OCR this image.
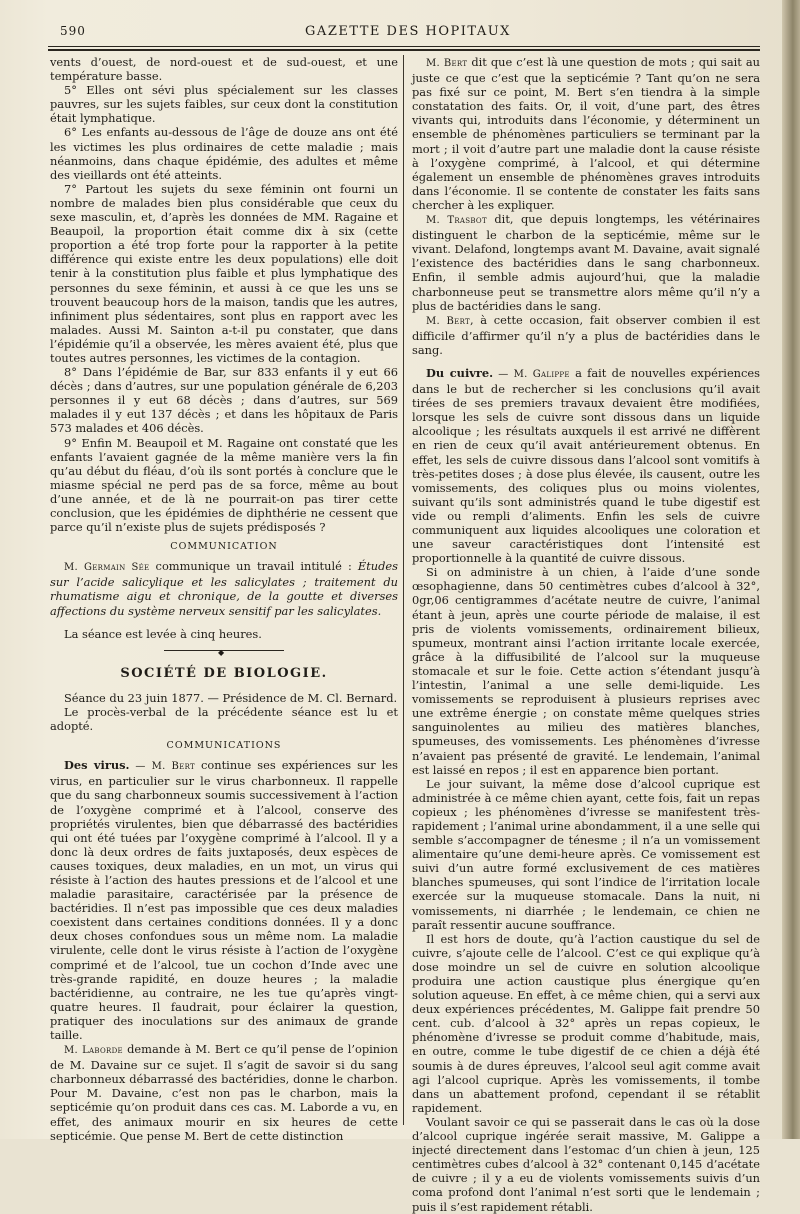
590	GAZETTE DES HOPITAUX

vents d’ouest, de nord-ouest et de sud-ouest, et une température basse.

5° Elles ont sévi plus spécialement sur les classes pauvres, sur les sujets faibles, sur ceux dont la constitution était lymphatique.

6° Les enfants au-dessous de l’âge de douze ans ont été les victimes les plus ordinaires de cette maladie ; mais néanmoins, dans chaque épidémie, des adultes et même des vieillards ont été atteints.

7° Partout les sujets du sexe féminin ont fourni un nombre de malades bien plus considérable que ceux du sexe masculin, et, d’après les données de MM. Ragaine et Beaupoil, la proportion était comme dix à six (cette proportion a été trop forte pour la rapporter à la petite différence qui existe entre les deux populations) elle doit tenir à la constitution plus faible et plus lymphatique des personnes du sexe féminin, et aussi à ce que les uns se trouvent beaucoup hors de la maison, tandis que les autres, infiniment plus sédentaires, sont plus en rapport avec les malades. Aussi M. Sainton a-t-il pu constater, que dans l’épidémie qu’il a observée, les mères avaient été, plus que toutes autres personnes, les victimes de la contagion.

8° Dans l’épidémie de Bar, sur 833 enfants il y eut 66 décès ; dans d’autres, sur une population générale de 6,203 personnes il y eut 68 décès ; dans d’autres, sur 569 malades il y eut 137 décès ; et dans les hôpitaux de Paris 573 malades et 406 décès.

9° Enfin M. Beaupoil et M. Ragaine ont constaté que les enfants l’avaient gagnée de la même manière vers la fin qu’au début du fléau, d’où ils sont portés à conclure que le miasme spécial ne perd pas de sa force, même au bout d’une année, et de là ne pourrait-on pas tirer cette conclusion, que les épidémies de diphthérie ne cessent que parce qu’il n’existe plus de sujets prédisposés ?

COMMUNICATION

M. Germain Sée communique un travail intitulé : Études sur l’acide salicylique et les salicylates ; traitement du rhumatisme aigu et chronique, de la goutte et diverses affections du système nerveux sensitif par les salicylates.

La séance est levée à cinq heures.

◆
SOCIÉTÉ DE BIOLOGIE.

Séance du 23 juin 1877. — Présidence de M. Cl. Bernard.

Le procès-verbal de la précédente séance est lu et adopté.

COMMUNICATIONS

Des virus. — M. Bert continue ses expériences sur les virus, en particulier sur le virus charbonneux. Il rappelle que du sang charbonneux soumis successivement à l’action de l’oxygène comprimé et à l’alcool, conserve des propriétés virulentes, bien que débarrassé des bactéridies qui ont été tuées par l’oxygène comprimé à l’alcool. Il y a donc là deux ordres de faits juxtaposés, deux espèces de causes toxiques, deux maladies, en un mot, un virus qui résiste à l’action des hautes pressions et de l’alcool et une maladie parasitaire, caractérisée par la présence de bactéridies. Il n’est pas impossible que ces deux maladies coexistent dans certaines conditions données. Il y a donc deux choses confondues sous un même nom. La maladie virulente, celle dont le virus résiste à l’action de l’oxygène comprimé et de l’alcool, tue un cochon d’Inde avec une très-grande rapidité, en douze heures ; la maladie bactéridienne, au contraire, ne les tue qu’après vingt-quatre heures. Il faudrait, pour éclairer la question, pratiquer des inoculations sur des animaux de grande taille.

M. Laborde demande à M. Bert ce qu’il pense de l’opinion de M. Davaine sur ce sujet. Il s’agit de savoir si du sang charbonneux débarrassé des bactéridies, donne le charbon. Pour M. Davaine, c’est non pas le charbon, mais la septicémie qu’on produit dans ces cas. M. Laborde a vu, en effet, des animaux mourir en six heures de cette septicémie. Que pense M. Bert de cette distinction

M. Bert dit que c’est là une question de mots ; qui sait au juste ce que c’est que la septicémie ? Tant qu’on ne sera pas fixé sur ce point, M. Bert s’en tiendra à la simple constatation des faits. Or, il voit, d’une part, des êtres vivants qui, introduits dans l’économie, y déterminent un ensemble de phénomènes particuliers se terminant par la mort ; il voit d’autre part une maladie dont la cause résiste à l’oxygène comprimé, à l’alcool, et qui détermine également un ensemble de phénomènes graves introduits dans l’économie. Il se contente de constater les faits sans chercher à les expliquer.

M. Trasbot dit, que depuis longtemps, les vétérinaires distinguent le charbon de la septicémie, même sur le vivant. Delafond, longtemps avant M. Davaine, avait signalé l’existence des bactéridies dans le sang charbonneux. Enfin, il semble admis aujourd’hui, que la maladie charbonneuse peut se transmettre alors même qu’il n’y a plus de bactéridies dans le sang.

M. Bert, à cette occasion, fait observer combien il est difficile d’affirmer qu’il n’y a plus de bactéridies dans le sang.

Du cuivre. — M. Galippe a fait de nouvelles expériences dans le but de rechercher si les conclusions qu’il avait tirées de ses premiers travaux devaient être modifiées, lorsque les sels de cuivre sont dissous dans un liquide alcoolique ; les résultats auxquels il est arrivé ne diffèrent en rien de ceux qu’il avait antérieurement obtenus. En effet, les sels de cuivre dissous dans l’alcool sont vomitifs à très-petites doses ; à dose plus élevée, ils causent, outre les vomissements, des coliques plus ou moins violentes, suivant qu’ils sont administrés quand le tube digestif est vide ou rempli d’aliments. Enfin les sels de cuivre communiquent aux liquides alcooliques une coloration et une saveur caractéristiques dont l’intensité est proportionnelle à la quantité de cuivre dissous.

Si on administre à un chien, à l’aide d’une sonde œsophagienne, dans 50 centimètres cubes d’alcool à 32°, 0gr,06 centigrammes d’acétate neutre de cuivre, l’animal étant à jeun, après une courte période de malaise, il est pris de violents vomissements, ordinairement bilieux, spumeux, montrant ainsi l’action irritante locale exercée, grâce à la diffusibilité de l’alcool sur la muqueuse stomacale et sur le foie. Cette action s’étendant jusqu’à l’intestin, l’animal a une selle demi-liquide. Les vomissements se reproduisent à plusieurs reprises avec une extrême énergie ; on constate même quelques stries sanguinolentes au milieu des matières blanches, spumeuses, des vomissements. Les phénomènes d’ivresse n’avaient pas présenté de gravité. Le lendemain, l’animal est laissé en repos ; il est en apparence bien portant.

Le jour suivant, la même dose d’alcool cuprique est administrée à ce même chien ayant, cette fois, fait un repas copieux ; les phénomènes d’ivresse se manifestent très-rapidement ; l’animal urine abondamment, il a une selle qui semble s’accompagner de ténesme ; il n’a un vomissement alimentaire qu’une demi-heure après. Ce vomissement est suivi d’un autre formé exclusivement de ces matières blanches spumeuses, qui sont l’indice de l’irritation locale exercée sur la muqueuse stomacale. Dans la nuit, ni vomissements, ni diarrhée ; le lendemain, ce chien ne paraît ressentir aucune souffrance.

Il est hors de doute, qu’à l’action caustique du sel de cuivre, s’ajoute celle de l’alcool. C’est ce qui explique qu’à dose moindre un sel de cuivre en solution alcoolique produira une action caustique plus énergique qu’en solution aqueuse. En effet, à ce même chien, qui a servi aux deux expériences précédentes, M. Galippe fait prendre 50 cent. cub. d’alcool à 32° après un repas copieux, le phénomène d’ivresse se produit comme d’habitude, mais, en outre, comme le tube digestif de ce chien a déjà été soumis à de dures épreuves, l’alcool seul agit comme avait agi l’alcool cuprique. Après les vomissements, il tombe dans un abattement profond, cependant il se rétablit rapidement.

Voulant savoir ce qui se passerait dans le cas où la dose d’alcool cuprique ingérée serait massive, M. Galippe a injecté directement dans l’estomac d’un chien à jeun, 125 centimètres cubes d’alcool à 32° contenant 0,145 d’acétate de cuivre ; il y a eu de violents vomissements suivis d’un coma profond dont l’animal n’est sorti que le lendemain ; puis il s’est rapidement rétabli.
